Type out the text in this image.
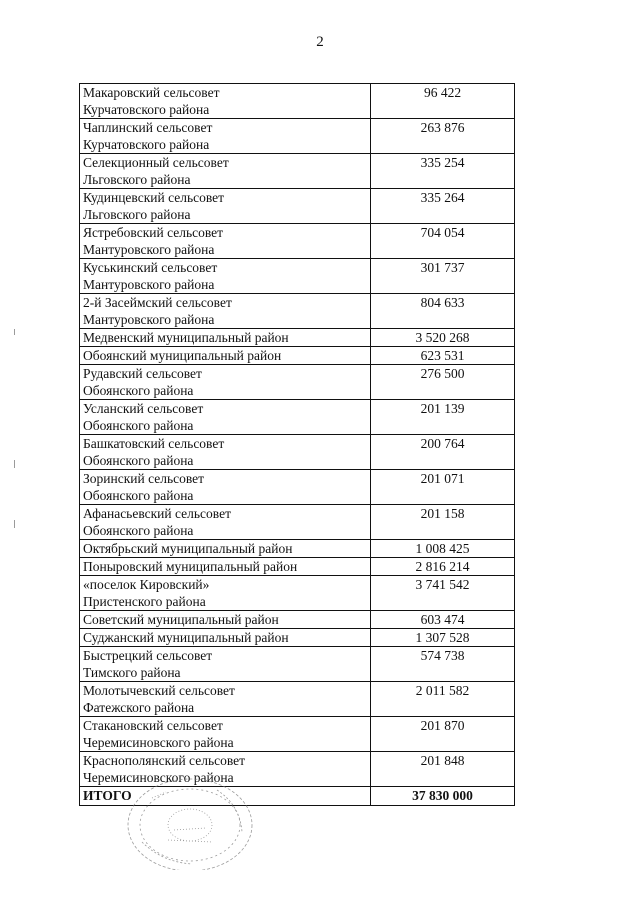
2
Макаровский сельсовет
Курчатовского района	96 422

Чаплинский сельсовет
Курчатовского района	263 876

Селекционный сельсовет
Льговского района	335 254

Кудинцевский сельсовет
Льговского района	335 264

Ястребовский сельсовет
Мантуровского района	704 054

Куськинский сельсовет
Мантуровского района	301 737

2-й Засеймский сельсовет
Мантуровского района	804 633

Медвенский муниципальный район	3 520 268

Обоянский муниципальный район	623 531

Рудавский сельсовет
Обоянского района	276 500

Усланский сельсовет
Обоянского района	201 139

Башкатовский сельсовет
Обоянского района	200 764

Зоринский сельсовет
Обоянского района	201 071

Афанасьевский сельсовет
Обоянского района	201 158

Октябрьский муниципальный район	1 008 425

Поныровский муниципальный район	2 816 214

«поселок Кировский»
Пристенского района	3 741 542

Советский муниципальный район	603 474

Суджанский муниципальный район	1 307 528

Быстрецкий сельсовет
Тимского района	574 738

Молотычевский сельсовет
Фатежского района	2 011 582

Стакановский сельсовет
Черемисиновского района	201 870

Краснополянский сельсовет
Черемисиновского района	201 848
ИТОГО	37 830 000
